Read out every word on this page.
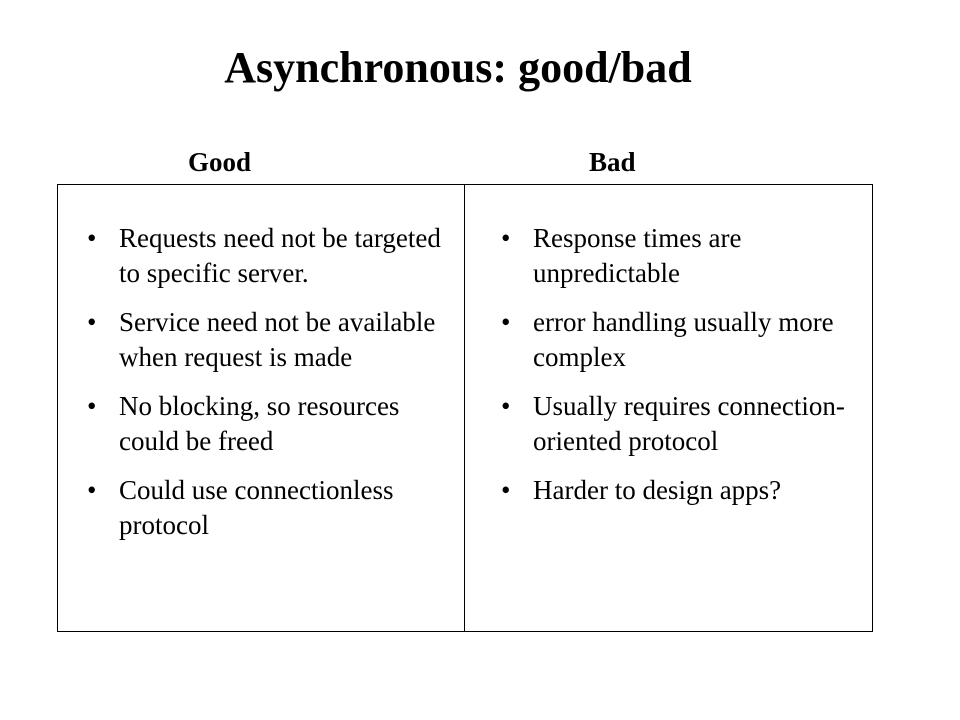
Asynchronous: good/bad
Good	Bad
• Requests need not be targeted to specific server.
• Service need not be available when request is made
• No blocking, so resources could be freed
• Could use connectionless protocol
• Response times are unpredictable
• error handling usually more complex
• Usually requires connection-oriented protocol
• Harder to design apps?
